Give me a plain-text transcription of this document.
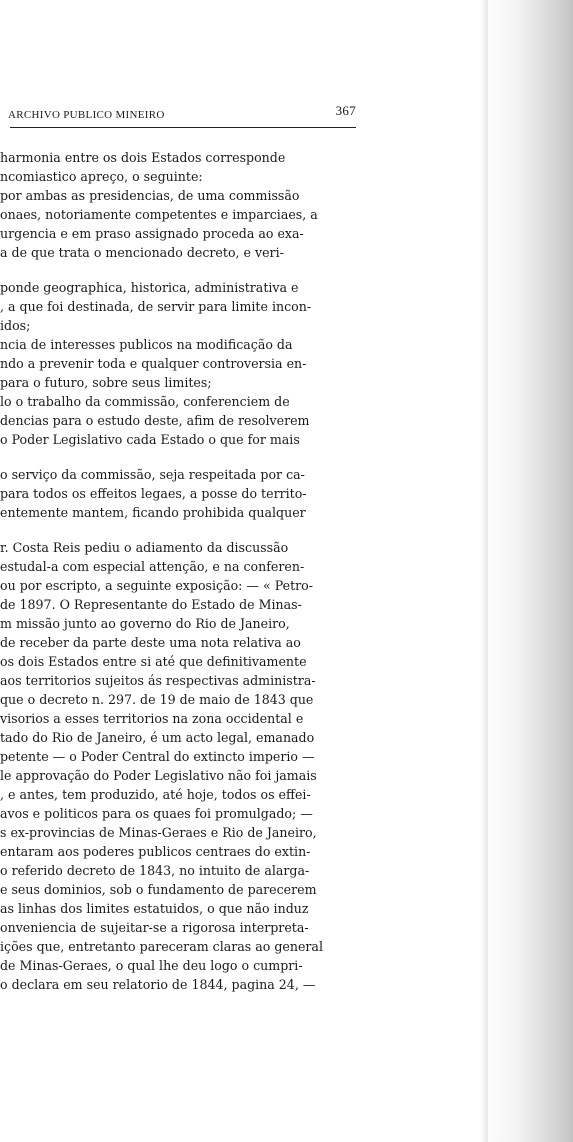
ARCHIVO PUBLICO MINEIRO	367
harmonia entre os dois Estados corresponde
ncomiastico apreço, o seguinte:
por ambas as presidencias, de uma commissão
onaes, notoriamente competentes e imparciaes, a
urgencia e em praso assignado proceda ao exa-
a de que trata o mencionado decreto, e veri-
ponde geographica, historica, administrativa e
, a que foi destinada, de servir para limite incon-
idos;
ncia de interesses publicos na modificação da
ndo a prevenir toda e qualquer controversia en-
para o futuro, sobre seus limites;
lo o trabalho da commissão, conferenciem de
dencias para o estudo deste, afim de resolverem
o Poder Legislativo cada Estado o que for mais
o serviço da commissão, seja respeitada por ca-
para todos os effeitos legaes, a posse do territo-
entemente mantem, ficando prohibida qualquer
r. Costa Reis pediu o adiamento da discussão
estudal-a com especial attenção, e na conferen-
ou por escripto, a seguinte exposição: — « Petro-
de 1897. O Representante do Estado de Minas-
m missão junto ao governo do Rio de Janeiro,
de receber da parte deste uma nota relativa ao
os dois Estados entre si até que definitivamente
aos territorios sujeitos ás respectivas administra-
que o decreto n. 297. de 19 de maio de 1843 que
visorios a esses territorios na zona occidental e
tado do Rio de Janeiro, é um acto legal, emanado
petente — o Poder Central do extincto imperio —
le approvação do Poder Legislativo não foi jamais
, e antes, tem produzido, até hoje, todos os effei-
avos e politicos para os quaes foi promulgado; —
s ex-provincias de Minas-Geraes e Rio de Janeiro,
entaram aos poderes publicos centraes do extin-
o referido decreto de 1843, no intuito de alarga-
e seus dominios, sob o fundamento de parecerem
as linhas dos limites estatuidos, o que não induz
onveniencia de sujeitar-se a rigorosa interpreta-
ições que, entretanto pareceram claras ao general
de Minas-Geraes, o qual lhe deu logo o cumpri-
o declara em seu relatorio de 1844, pagina 24, —
